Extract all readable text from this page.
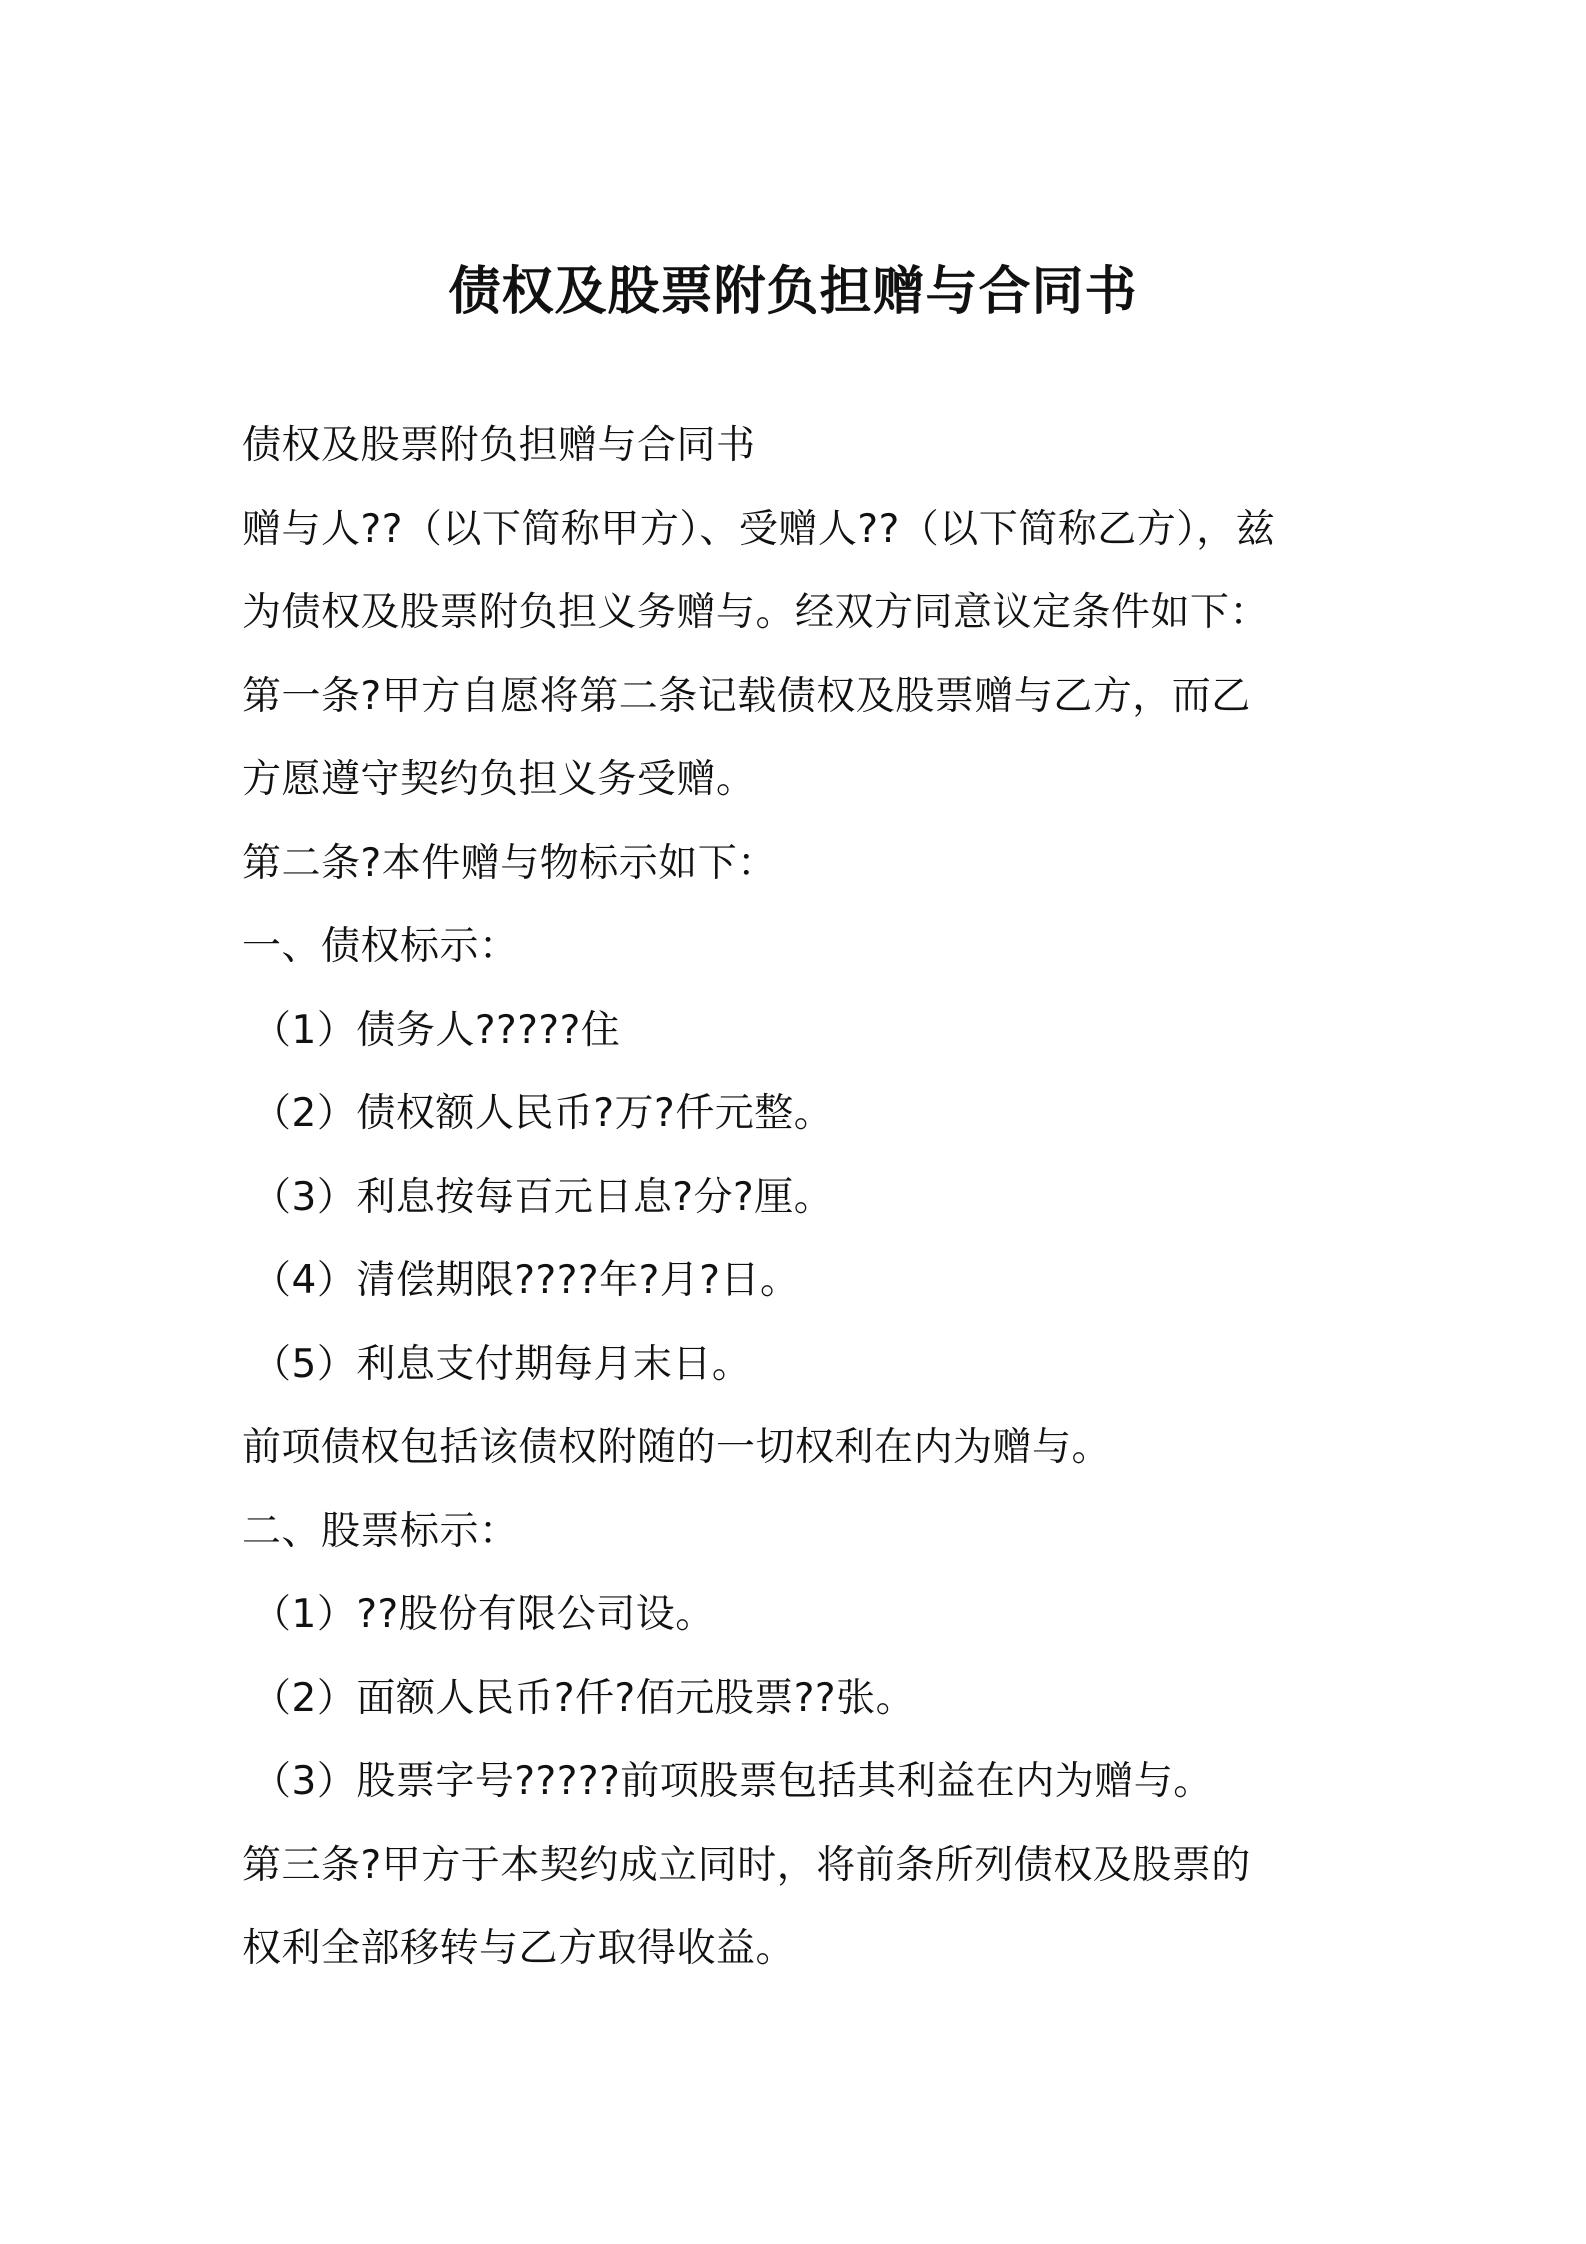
债权及股票附负担赠与合同书

债权及股票附负担赠与合同书

赠与人??（以下简称甲方）、受赠人??（以下简称乙方），兹

为债权及股票附负担义务赠与。经双方同意议定条件如下：

第一条?甲方自愿将第二条记载债权及股票赠与乙方，而乙

方愿遵守契约负担义务受赠。

第二条?本件赠与物标示如下：

一、债权标示：

（1）债务人?????住

（2）债权额人民币?万?仟元整。

（3）利息按每百元日息?分?厘。

（4）清偿期限????年?月?日。

（5）利息支付期每月末日。

前项债权包括该债权附随的一切权利在内为赠与。

二、股票标示：

（1）??股份有限公司设。

（2）面额人民币?仟?佰元股票??张。

（3）股票字号?????前项股票包括其利益在内为赠与。

第三条?甲方于本契约成立同时，将前条所列债权及股票的

权利全部移转与乙方取得收益。
